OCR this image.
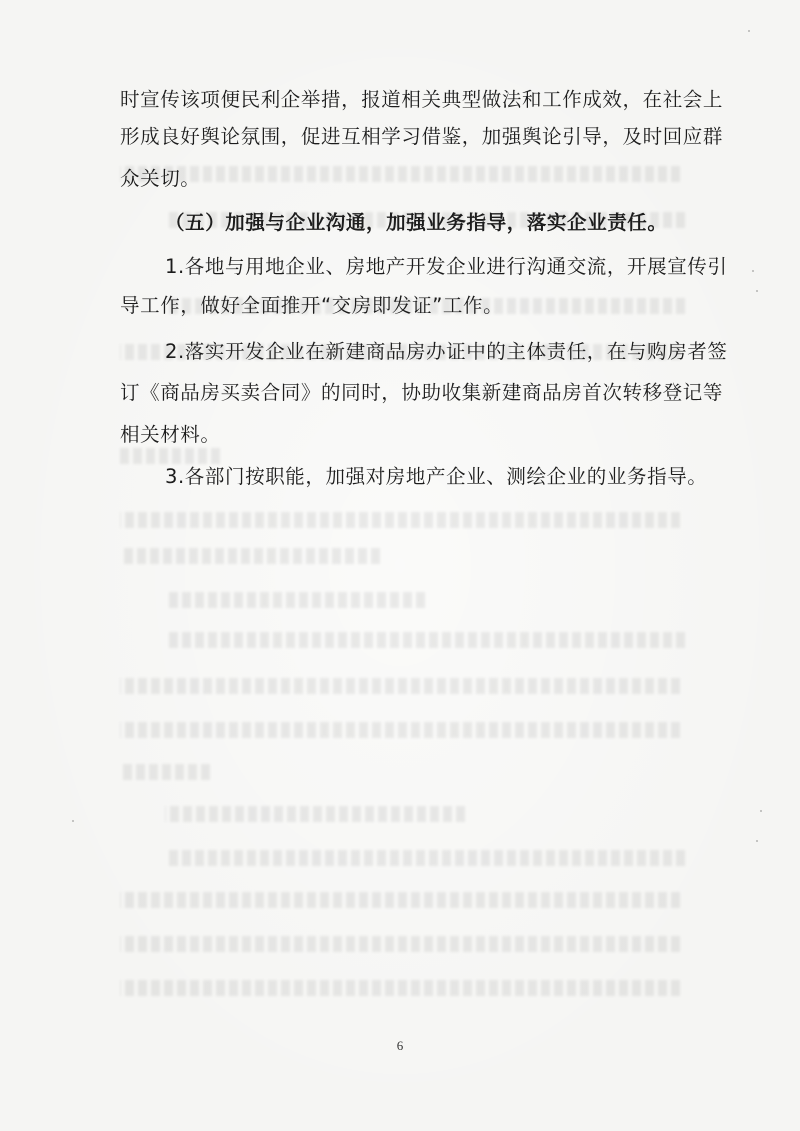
时宣传该项便民利企举措，报道相关典型做法和工作成效，在社会上
形成良好舆论氛围，促进互相学习借鉴，加强舆论引导，及时回应群
众关切。
（五）加强与企业沟通，加强业务指导，落实企业责任。
1.各地与用地企业、房地产开发企业进行沟通交流，开展宣传引
导工作，做好全面推开“交房即发证”工作。
2.落实开发企业在新建商品房办证中的主体责任，在与购房者签
订《商品房买卖合同》的同时，协助收集新建商品房首次转移登记等
相关材料。
3.各部门按职能，加强对房地产企业、测绘企业的业务指导。
6
